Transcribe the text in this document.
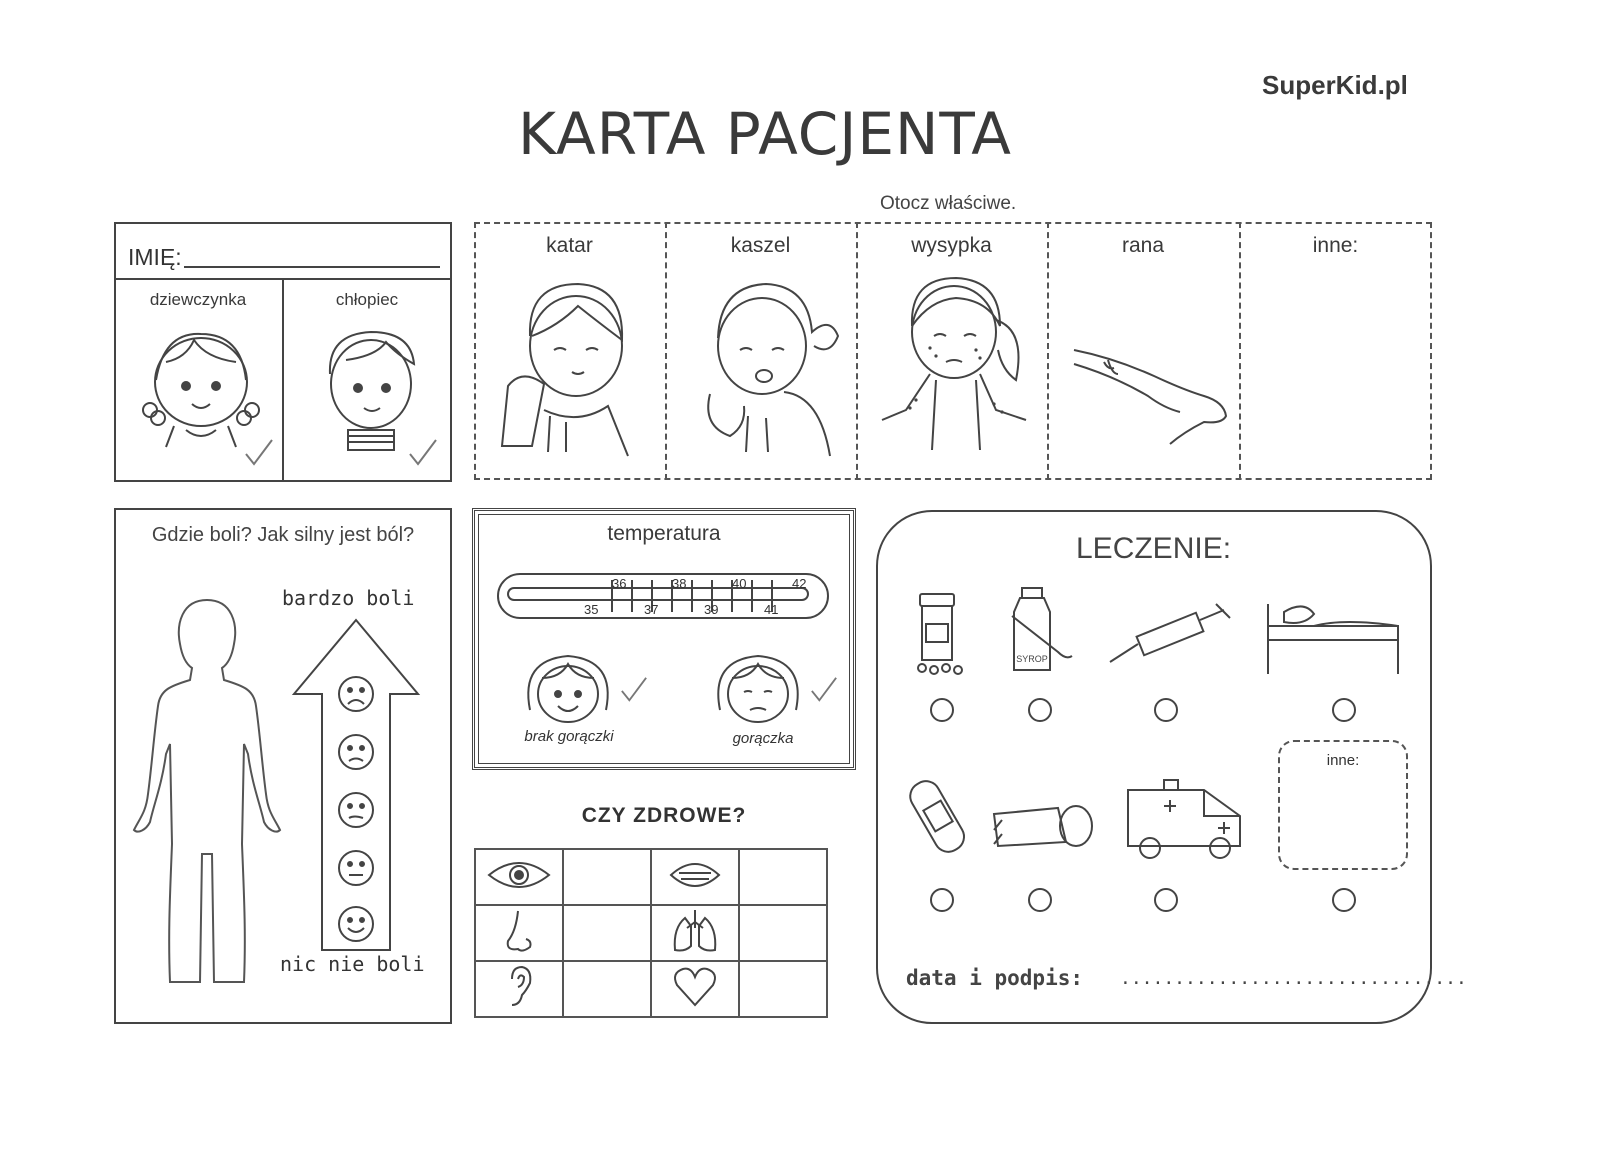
SuperKid.pl
KARTA PACJENTA
Otocz właściwe.
IMIĘ:
dziewczynka	chłopiec
katar	kaszel	wysypka	rana	inne:
Gdzie boli? Jak silny jest ból?
bardzo boli
nic nie boli
temperatura
36	38	40	42
35	37	39	41
brak gorączki	gorączka
CZY ZDROWE?

LECZENIE:
SYROP
inne:
data i podpis: ................................
